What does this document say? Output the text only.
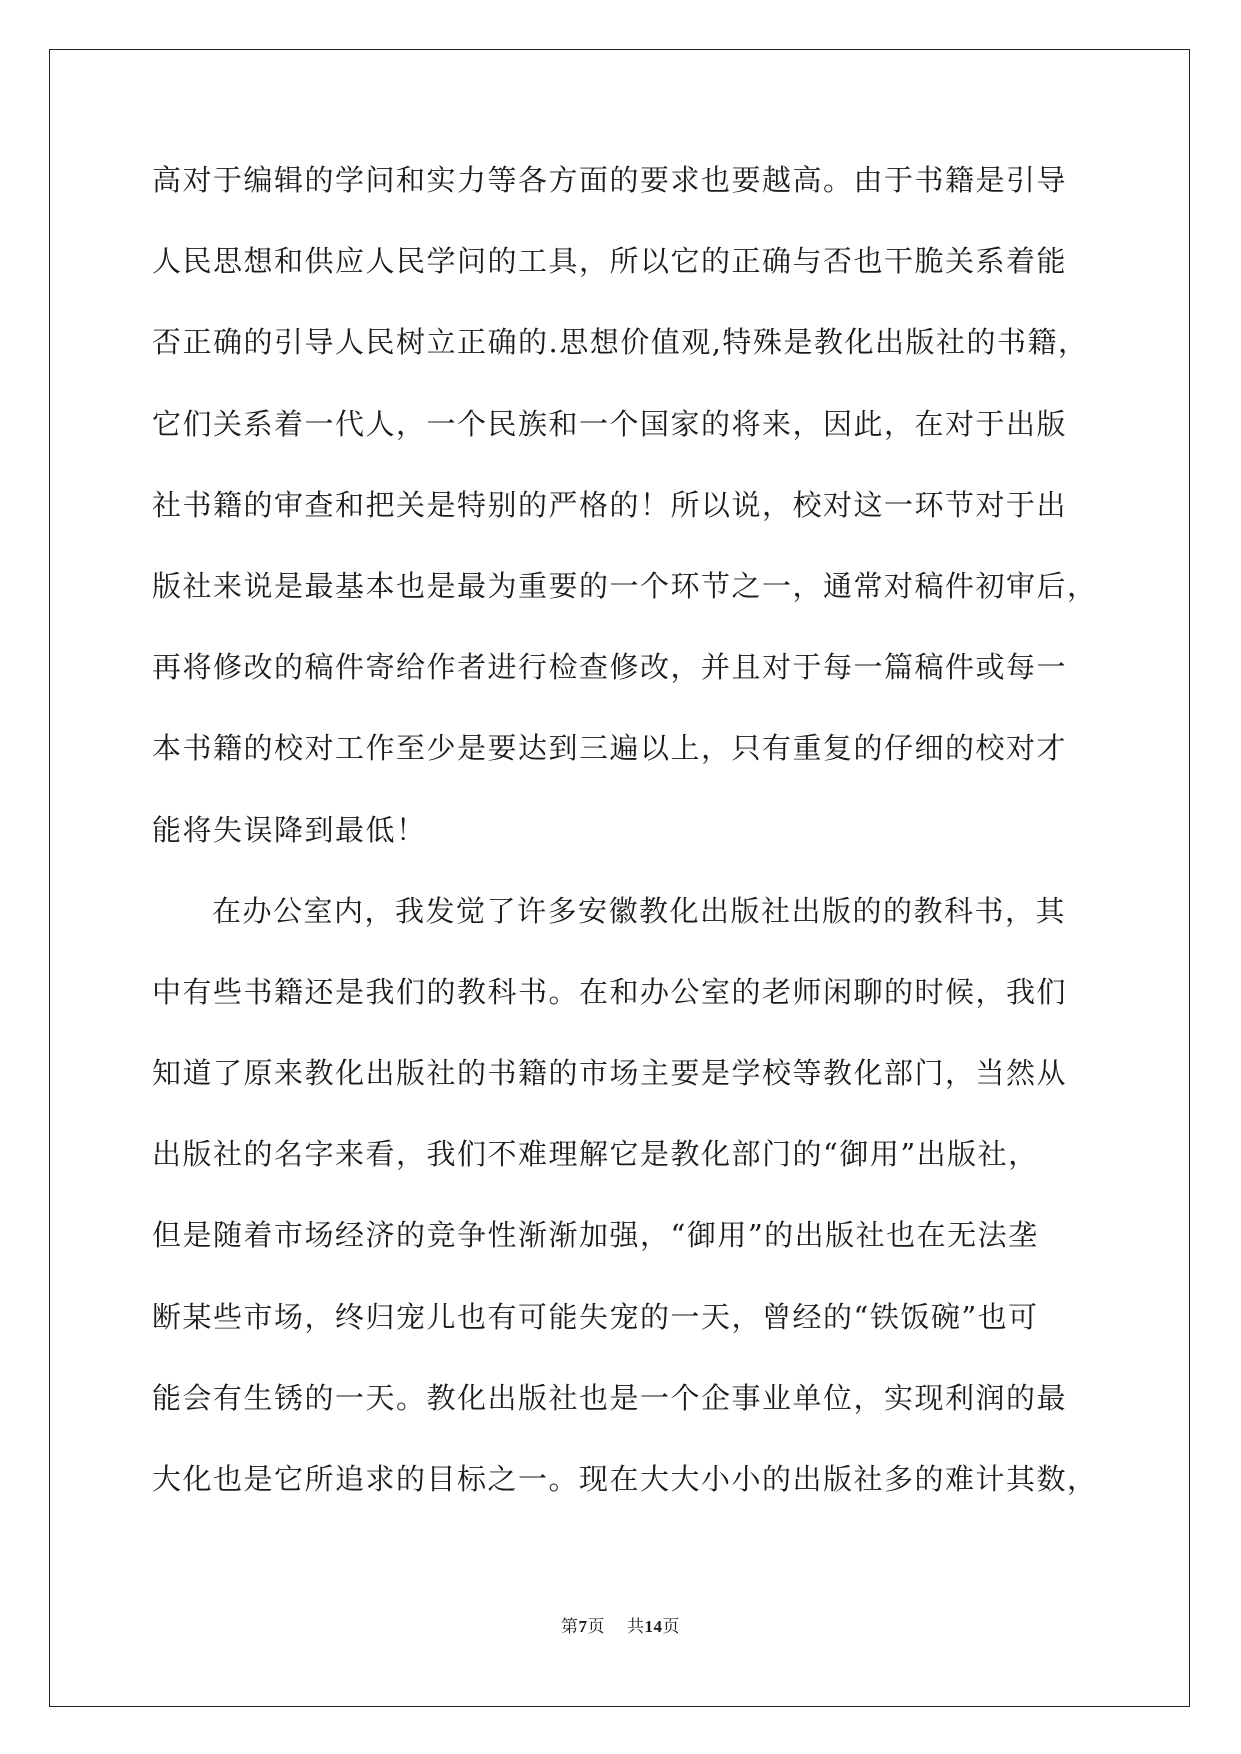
高对于编辑的学问和实力等各方面的要求也要越高。由于书籍是引导
人民思想和供应人民学问的工具，所以它的正确与否也干脆关系着能
否正确的引导人民树立正确的.思想价值观,特殊是教化出版社的书籍，
它们关系着一代人，一个民族和一个国家的将来，因此，在对于出版
社书籍的审查和把关是特别的严格的！所以说，校对这一环节对于出
版社来说是最基本也是最为重要的一个环节之一，通常对稿件初审后，
再将修改的稿件寄给作者进行检查修改，并且对于每一篇稿件或每一
本书籍的校对工作至少是要达到三遍以上，只有重复的仔细的校对才
能将失误降到最低！
在办公室内，我发觉了许多安徽教化出版社出版的的教科书，其
中有些书籍还是我们的教科书。在和办公室的老师闲聊的时候，我们
知道了原来教化出版社的书籍的市场主要是学校等教化部门，当然从
出版社的名字来看，我们不难理解它是教化部门的“御用”出版社，
但是随着市场经济的竞争性渐渐加强，“御用”的出版社也在无法垄
断某些市场，终归宠儿也有可能失宠的一天，曾经的“铁饭碗”也可
能会有生锈的一天。教化出版社也是一个企事业单位，实现利润的最
大化也是它所追求的目标之一。现在大大小小的出版社多的难计其数，
第7页 共14页
